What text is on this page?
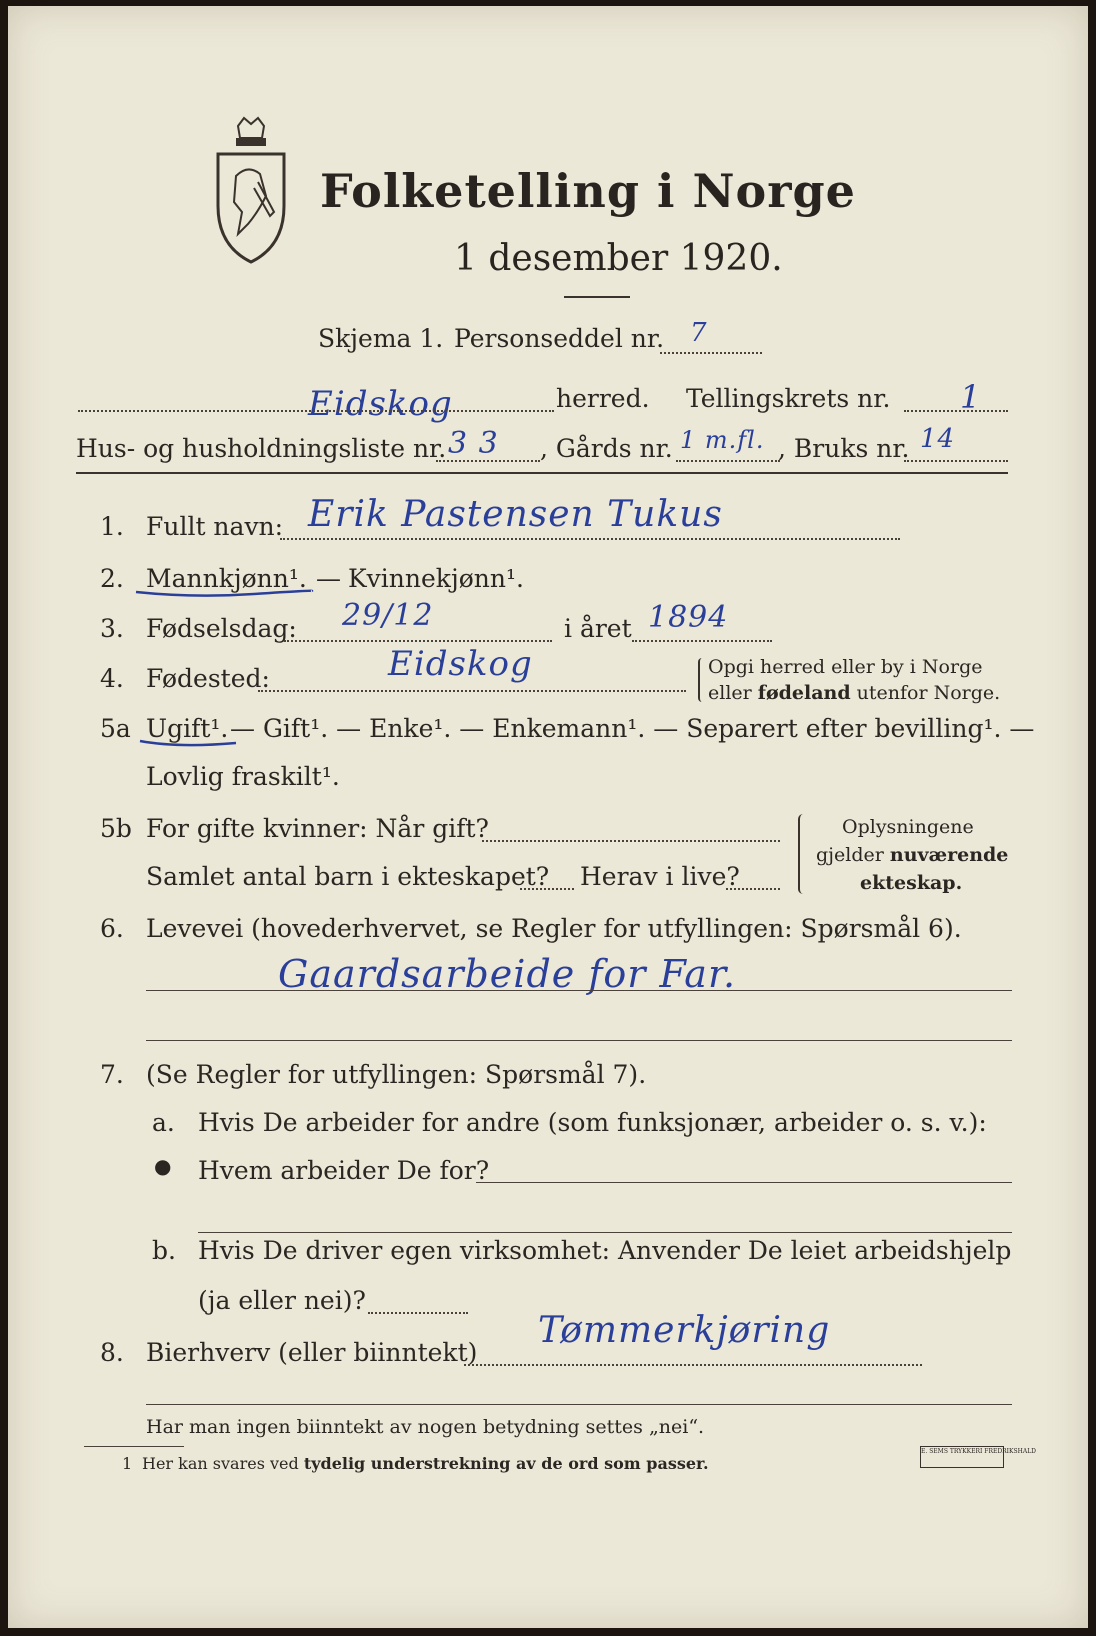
Folketelling i Norge
1 desember 1920.
Skjema 1. Personseddel nr. 7
Eidskog	herred. Tellingskrets nr. 1
Hus- og husholdningsliste nr. 3 3 , Gårds nr. 1 m.fl. , Bruks nr. 14
1. Fullt navn: Erik Pastensen Tukus
2. Mannkjønn¹. — Kvinnekjønn¹.
3. Fødselsdag: 29/12	i året 1894
4. Fødested:	Eidskog	Opgi herred eller by i Norge
eller fødeland utenfor Norge.
5a Ugift¹. — Gift¹. — Enke¹. — Enkemann¹. — Separert efter bevilling¹. —
Lovlig fraskilt¹.
5b For gifte kvinner: Når gift?
Samlet antal barn i ekteskapet? Herav i live?
Oplysningene
gjelder nuværende
ekteskap.
6. Levevei (hovederhvervet, se Regler for utfyllingen: Spørsmål 6).
Gaardsarbeide for Far.
7. (Se Regler for utfyllingen: Spørsmål 7).
a. Hvis De arbeider for andre (som funksjonær, arbeider o. s. v.):
● Hvem arbeider De for?
b. Hvis De driver egen virksomhet: Anvender De leiet arbeidshjelp
(ja eller nei)?
8. Bierhverv (eller biinntekt)
Tømmerkjøring
Har man ingen biinntekt av nogen betydning settes „nei“.
1 Her kan svares ved tydelig understrekning av de ord som passer.
E. SEMS TRYKKERI FREDRIKSHALD
